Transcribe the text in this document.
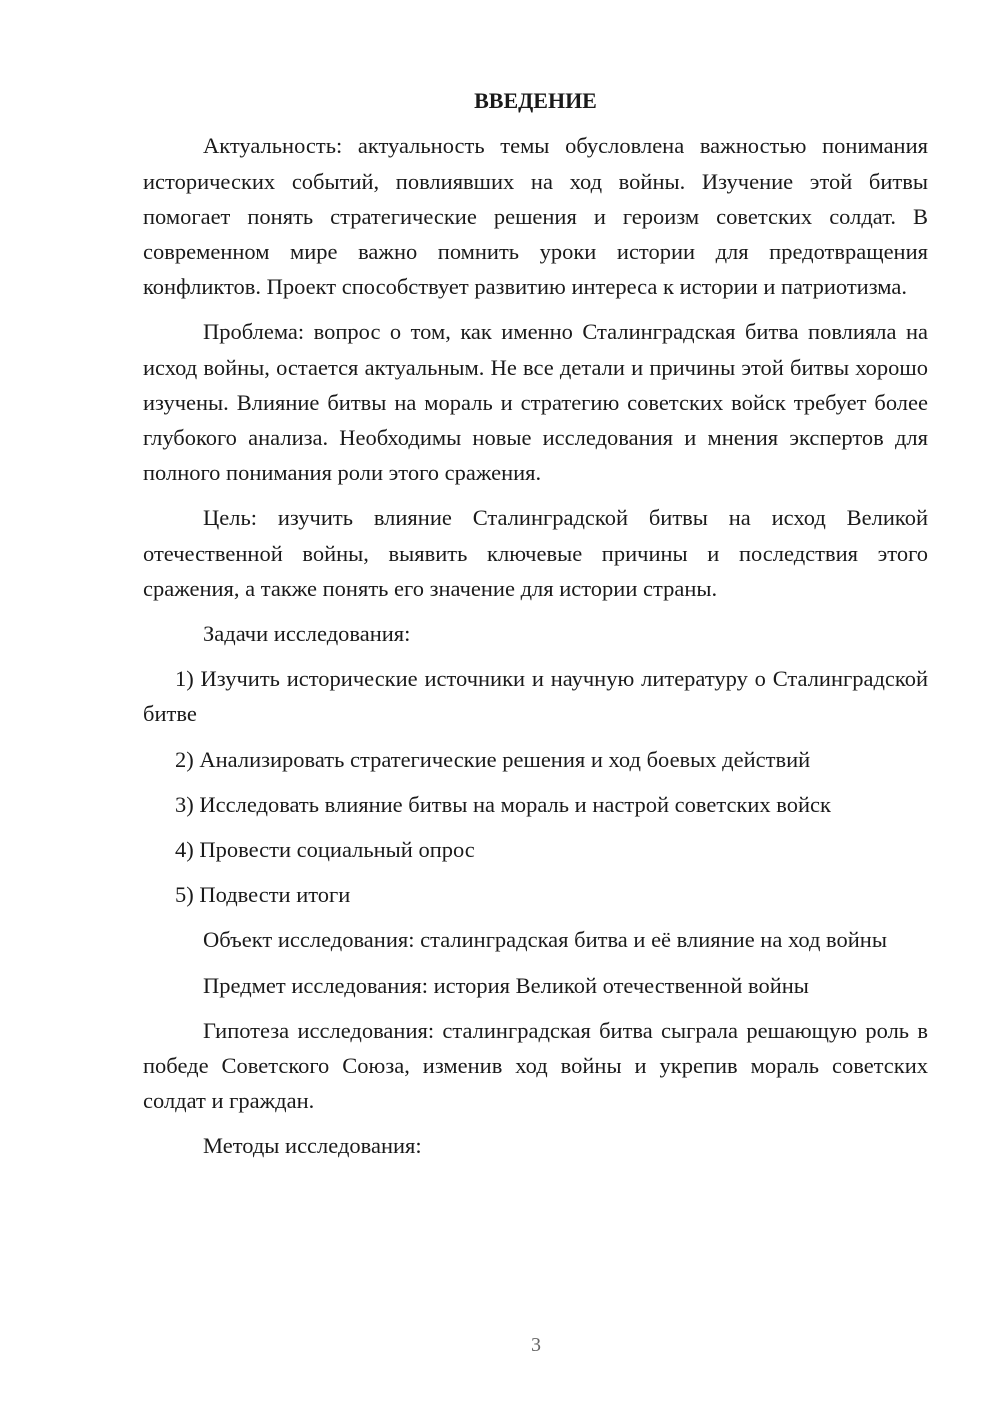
ВВЕДЕНИЕ

Актуальность: актуальность темы обусловлена важностью понимания исторических событий, повлиявших на ход войны. Изучение этой битвы помогает понять стратегические решения и героизм советских солдат. В современном мире важно помнить уроки истории для предотвращения конфликтов. Проект способствует развитию интереса к истории и патриотизма.

Проблема: вопрос о том, как именно Сталинградская битва повлияла на исход войны, остается актуальным. Не все детали и причины этой битвы хорошо изучены. Влияние битвы на мораль и стратегию советских войск требует более глубокого анализа. Необходимы новые исследования и мнения экспертов для полного понимания роли этого сражения.

Цель: изучить влияние Сталинградской битвы на исход Великой отечественной войны, выявить ключевые причины и последствия этого сражения, а также понять его значение для истории страны.

Задачи исследования:

1) Изучить исторические источники и научную литературу о Сталинградской битве

2) Анализировать стратегические решения и ход боевых действий

3) Исследовать влияние битвы на мораль и настрой советских войск

4) Провести социальный опрос

5) Подвести итоги

Объект исследования: сталинградская битва и её влияние на ход войны

Предмет исследования: история Великой отечественной войны

Гипотеза исследования: сталинградская битва сыграла решающую роль в победе Советского Союза, изменив ход войны и укрепив мораль советских солдат и граждан.

Методы исследования:

3
